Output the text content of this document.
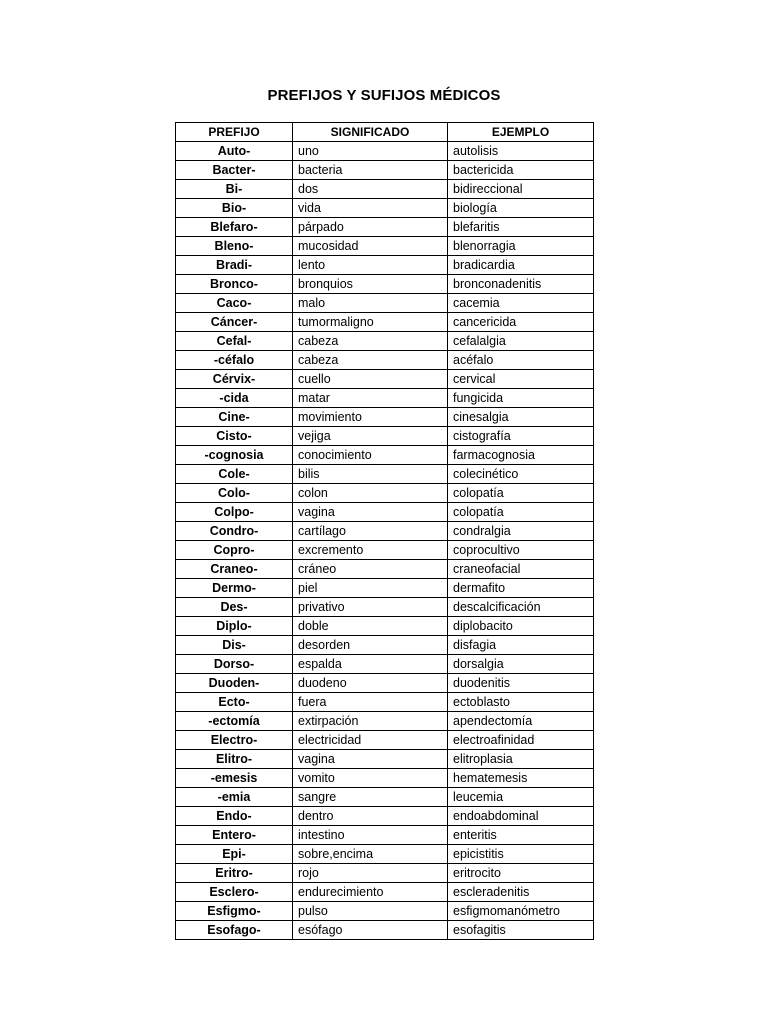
PREFIJOS Y SUFIJOS MÉDICOS
PREFIJO	SIGNIFICADO	EJEMPLO
Auto-	uno	autolisis
Bacter-	bacteria	bactericida
Bi-	dos	bidireccional
Bio-	vida	biología
Blefaro-	párpado	blefaritis
Bleno-	mucosidad	blenorragia
Bradi-	lento	bradicardia
Bronco-	bronquios	bronconadenitis
Caco-	malo	cacemia
Cáncer-	tumormaligno	cancericida
Cefal-	cabeza	cefalalgia
-céfalo	cabeza	acéfalo
Cérvix-	cuello	cervical
-cida	matar	fungicida
Cine-	movimiento	cinesalgia
Cisto-	vejiga	cistografía
-cognosia	conocimiento	farmacognosia
Cole-	bilis	colecinético
Colo-	colon	colopatía
Colpo-	vagina	colopatía
Condro-	cartílago	condralgia
Copro-	excremento	coprocultivo
Craneo-	cráneo	craneofacial
Dermo-	piel	dermafito
Des-	privativo	descalcificación
Diplo-	doble	diplobacito
Dis-	desorden	disfagia
Dorso-	espalda	dorsalgia
Duoden-	duodeno	duodenitis
Ecto-	fuera	ectoblasto
-ectomía	extirpación	apendectomía
Electro-	electricidad	electroafinidad
Elitro-	vagina	elitroplasia
-emesis	vomito	hematemesis
-emia	sangre	leucemia
Endo-	dentro	endoabdominal
Entero-	intestino	enteritis
Epi-	sobre,encima	epicistitis
Eritro-	rojo	eritrocito
Esclero-	endurecimiento	escleradenitis
Esfigmo-	pulso	esfigmomanómetro
Esofago-	esófago	esofagitis
